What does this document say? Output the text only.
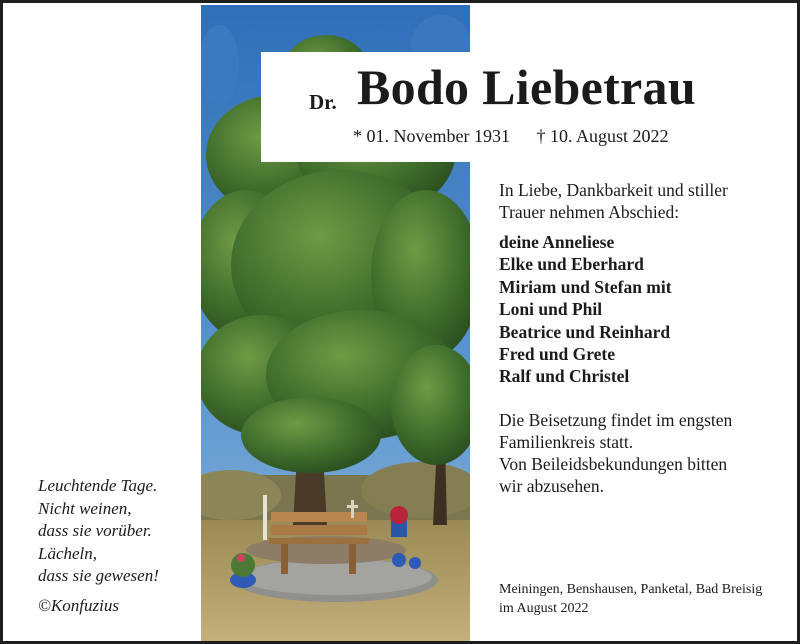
Dr. Bodo Liebetrau
* 01. November 1931 † 10. August 2022
In Liebe, Dankbarkeit und stiller
Trauer nehmen Abschied:
deine Anneliese
Elke und Eberhard
Miriam und Stefan mit
Loni und Phil
Beatrice und Reinhard
Fred und Grete
Ralf und Christel
Die Beisetzung findet im engsten
Familienkreis statt.
Von Beileidsbekundungen bitten
wir abzusehen.
Meiningen, Benshausen, Panketal, Bad Breisig
im August 2022
Leuchtende Tage.
Nicht weinen,
dass sie vorüber.
Lächeln,
dass sie gewesen!
©Konfuzius
